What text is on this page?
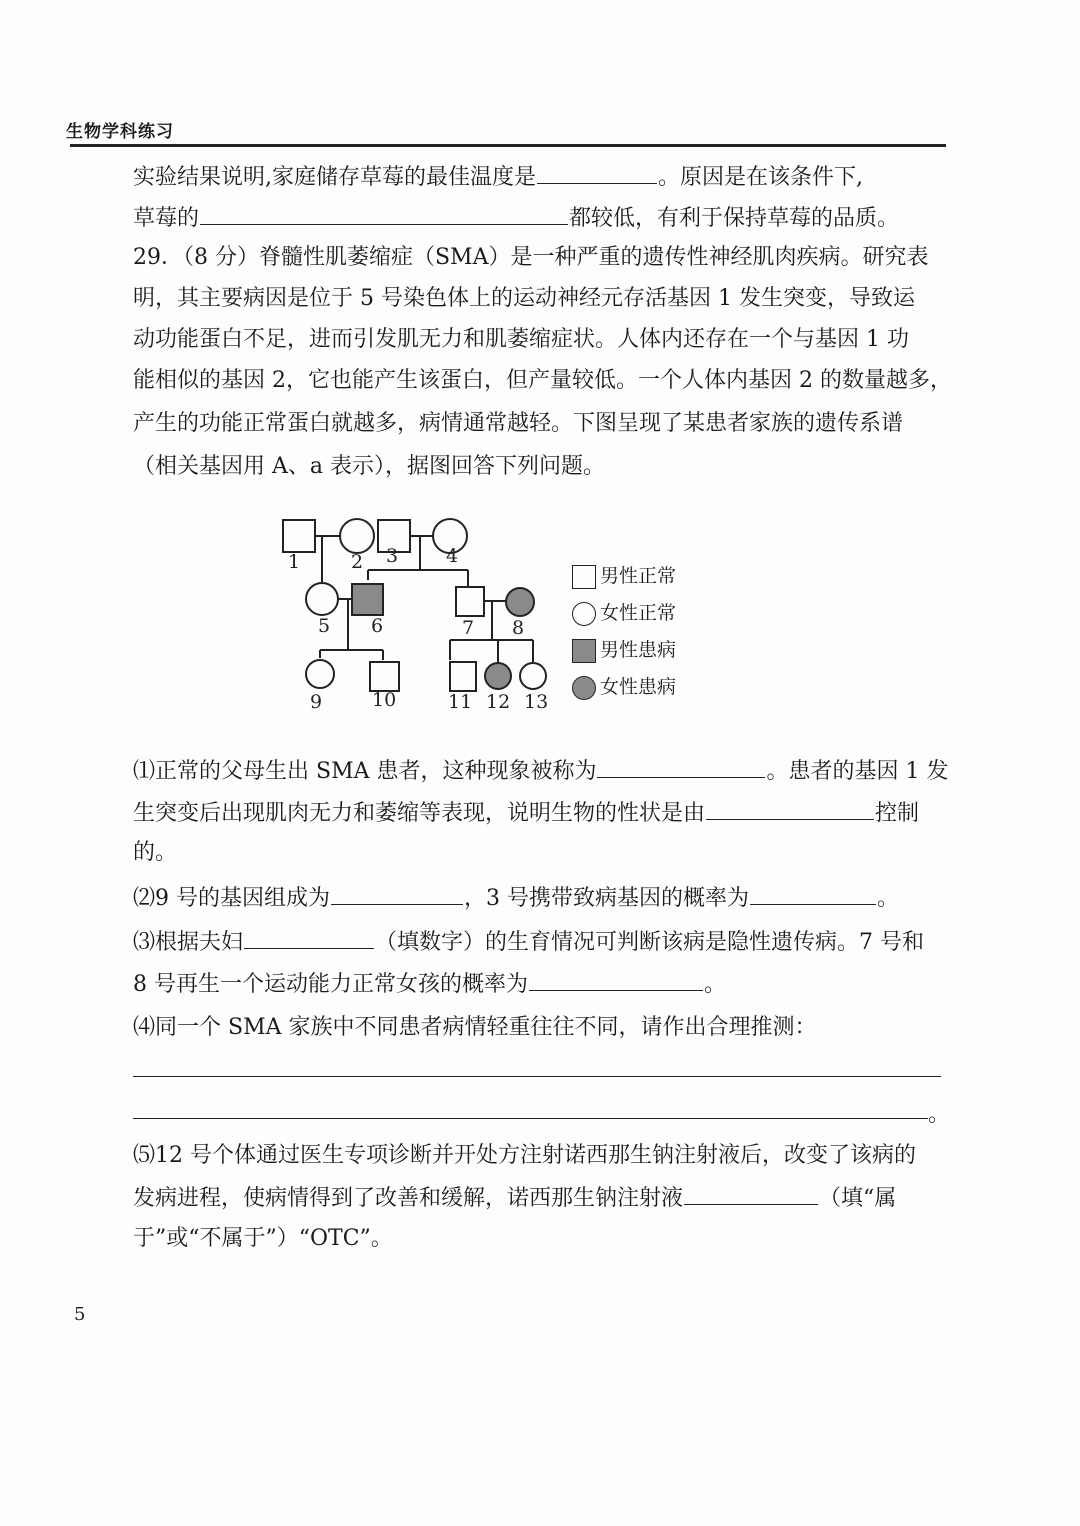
生物学科练习
实验结果说明,家庭储存草莓的最佳温度是	。原因是在该条件下,
草莓的	都较低，有利于保持草莓的品质。
29．（8 分）脊髓性肌萎缩症（SMA）是一种严重的遗传性神经肌肉疾病。研究表
明，其主要病因是位于 5 号染色体上的运动神经元存活基因 1 发生突变，导致运
动功能蛋白不足，进而引发肌无力和肌萎缩症状。人体内还存在一个与基因 1 功
能相似的基因 2，它也能产生该蛋白，但产量较低。一个人体内基因 2 的数量越多，
产生的功能正常蛋白就越多，病情通常越轻。下图呈现了某患者家族的遗传系谱
（相关基因用 A、a 表示），据图回答下列问题。
1	2 3	4
5 6	7 8
9	10	11 12 13
男性正常
女性正常
男性患病
女性患病
⑴正常的父母生出 SMA 患者，这种现象被称为	。患者的基因 1 发
生突变后出现肌肉无力和萎缩等表现，说明生物的性状是由	控制
的。
⑵9 号的基因组成为	，3 号携带致病基因的概率为	。
⑶根据夫妇	（填数字）的生育情况可判断该病是隐性遗传病。7 号和
8 号再生一个运动能力正常女孩的概率为	。
⑷同一个 SMA 家族中不同患者病情轻重往往不同，请作出合理推测：
。
⑸12 号个体通过医生专项诊断并开处方注射诺西那生钠注射液后，改变了该病的
发病进程，使病情得到了改善和缓解，诺西那生钠注射液	（填“属
于”或“不属于”）“OTC”。
5
